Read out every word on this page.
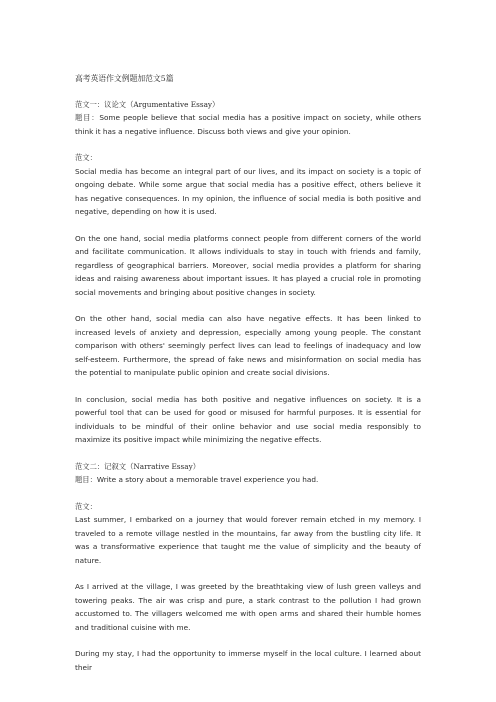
高考英语作文例题加范文5篇

范文一：议论文（Argumentative Essay）

题目：Some people believe that social media has a positive impact on society, while others think it has a negative influence. Discuss both views and give your opinion.

范文：

Social media has become an integral part of our lives, and its impact on society is a topic of ongoing debate. While some argue that social media has a positive effect, others believe it has negative consequences. In my opinion, the influence of social media is both positive and negative, depending on how it is used.

On the one hand, social media platforms connect people from different corners of the world and facilitate communication. It allows individuals to stay in touch with friends and family, regardless of geographical barriers. Moreover, social media provides a platform for sharing ideas and raising awareness about important issues. It has played a crucial role in promoting social movements and bringing about positive changes in society.

On the other hand, social media can also have negative effects. It has been linked to increased levels of anxiety and depression, especially among young people. The constant comparison with others' seemingly perfect lives can lead to feelings of inadequacy and low self-esteem. Furthermore, the spread of fake news and misinformation on social media has the potential to manipulate public opinion and create social divisions.

In conclusion, social media has both positive and negative influences on society. It is a powerful tool that can be used for good or misused for harmful purposes. It is essential for individuals to be mindful of their online behavior and use social media responsibly to maximize its positive impact while minimizing the negative effects.

范文二：记叙文（Narrative Essay）

题目：Write a story about a memorable travel experience you had.

范文：

Last summer, I embarked on a journey that would forever remain etched in my memory. I traveled to a remote village nestled in the mountains, far away from the bustling city life. It was a transformative experience that taught me the value of simplicity and the beauty of nature.

As I arrived at the village, I was greeted by the breathtaking view of lush green valleys and towering peaks. The air was crisp and pure, a stark contrast to the pollution I had grown accustomed to. The villagers welcomed me with open arms and shared their humble homes and traditional cuisine with me.

During my stay, I had the opportunity to immerse myself in the local culture. I learned about their
